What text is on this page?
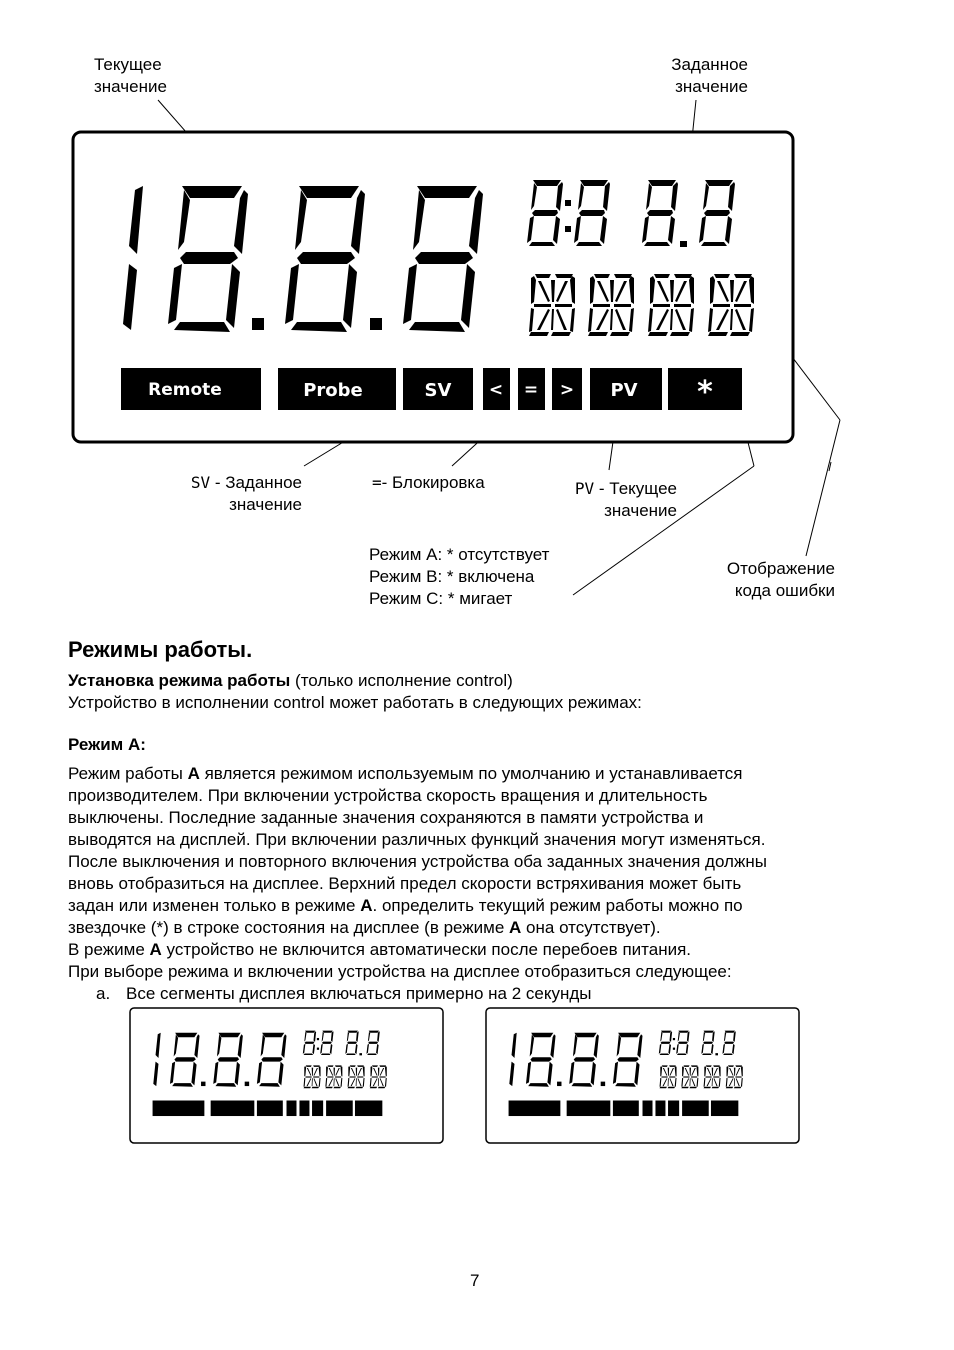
Remote	Probe	SV < = > PV *
Текущее
значение
Заданное
значение
SV - Заданное
значение
=- Блокировка	PV - Текущее
значение
Режим A: * отсутствует
Режим B: * включена
Режим C: * мигает
Отображение
кода ошибки
Режимы работы.
Установка режима работы (только исполнение control)
Устройство в исполнении control может работать в следующих режимах:
Режим A:

Режим работы A является режимом используемым по умолчанию и устанавливается

производителем. При включении устройства скорость вращения и длительность

выключены. Последние заданные значения сохраняются в памяти устройства и

выводятся на дисплей. При включении различных функций значения могут изменяться.

После выключения и повторного включения устройства оба заданных значения должны

вновь отобразиться на дисплее. Верхний предел скорости встряхивания может быть

задан или изменен только в режиме A. определить текущий режим работы можно по

звездочке (*) в строке состояния на дисплее (в режиме A она отсутствует).

В режиме A устройство не включится автоматически после перебоев питания.

При выборе режима и включении устройства на дисплее отобразиться следующее:

a. Все сегменты дисплея включаться примерно на 2 секунды
7
